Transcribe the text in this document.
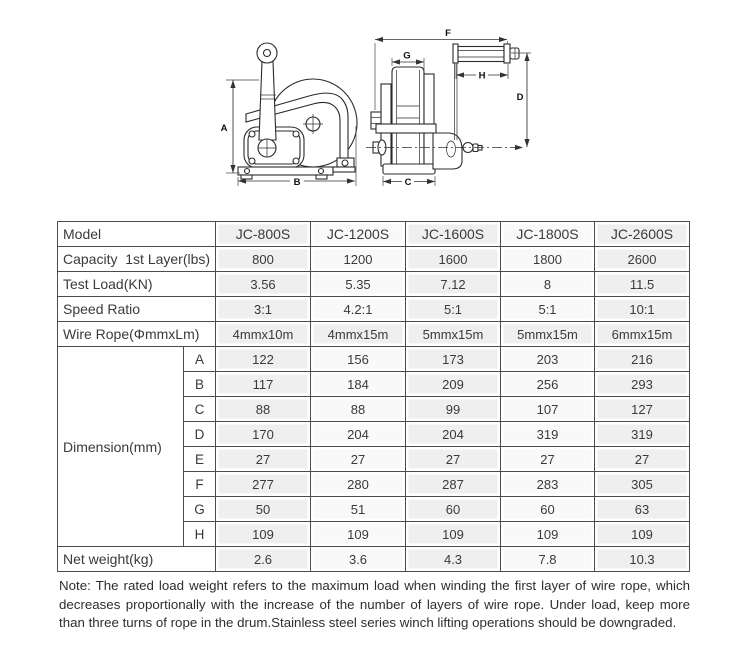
A
B
F
G
H
D
C
Model		JC-800S	JC-1200S	JC-1600S	JC-1800S	JC-2600S
Capacity  1st Layer(lbs)		800	1200	1600	1800	2600
Test Load(KN)		3.56	5.35	7.12	8	11.5
Speed Ratio		3:1	4.2:1	5:1	5:1	10:1
Wire Rope(ΦmmxLm)		4mmx10m	4mmx15m	5mmx15m	5mmx15m	6mmx15m
Dimension(mm)	A	122	156	173	203	216
	B	117	184	209	256	293
	C	88	88	99	107	127
	D	170	204	204	319	319
	E	27	27	27	27	27
	F	277	280	287	283	305
	G	50	51	60	60	63
	H	109	109	109	109	109
Net weight(kg)		2.6	3.6	4.3	7.8	10.3

Note: The rated load weight refers to the maximum load when winding the first layer of wire rope, which decreases proportionally with the increase of the number of layers of wire rope. Under load, keep more than three turns of rope in the drum.Stainless steel series winch lifting operations should be downgraded.
